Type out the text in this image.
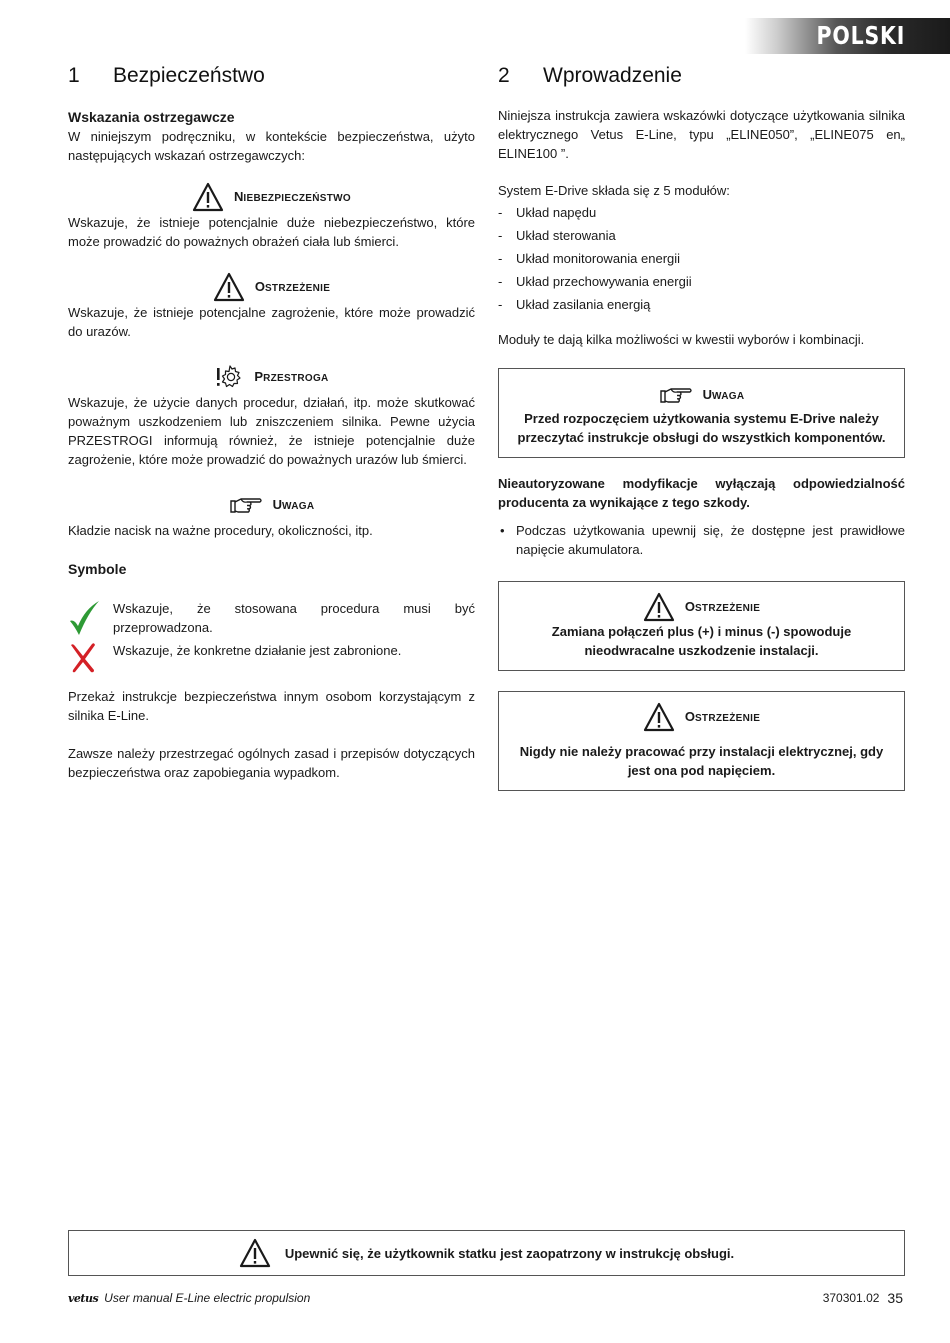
POLSKI
1	Bezpieczeństwo
Wskazania ostrzegawcze

W niniejszym podręczniku, w kontekście bezpieczeństwa, użyto następujących wskazań ostrzegawczych:

NIEBEZPIECZEŃSTWO

Wskazuje, że istnieje potencjalnie duże niebezpieczeństwo, które może prowadzić do poważnych obrażeń ciała lub śmierci.

OSTRZEŻENIE

Wskazuje, że istnieje potencjalne zagrożenie, które może prowadzić do urazów.

PRZESTROGA

Wskazuje, że użycie danych procedur, działań, itp. może skutkować poważnym uszkodzeniem lub zniszczeniem silnika. Pewne użycia PRZESTROGI informują również, że istnieje potencjalnie duże zagrożenie, które może prowadzić do poważnych urazów lub śmierci.

UWAGA

Kładzie nacisk na ważne procedury, okoliczności, itp.

Symbole
Wskazuje, że stosowana procedura musi być przeprowadzona.
Wskazuje, że konkretne działanie jest zabronione.

Przekaż instrukcje bezpieczeństwa innym osobom korzystającym z silnika E-Line.

Zawsze należy przestrzegać ogólnych zasad i przepisów dotyczących bezpieczeństwa oraz zapobiegania wypadkom.

2	Wprowadzenie

Niniejsza instrukcja zawiera wskazówki dotyczące użytkowania silnika elektrycznego Vetus E-Line, typu „ELINE050”, „ELINE075 en„ ELINE100 ”.

System E-Drive składa się z 5 modułów:

- Układ napędu
- Układ sterowania
- Układ monitorowania energii
- Układ przechowywania energii
- Układ zasilania energią

Moduły te dają kilka możliwości w kwestii wyborów i kombinacji.

UWAGA
Przed rozpoczęciem użytkowania systemu E-Drive należy przeczytać instrukcje obsługi do wszystkich komponentów.

Nieautoryzowane modyfikacje wyłączają odpowiedzialność producenta za wynikające z tego szkody.

• Podczas użytkowania upewnij się, że dostępne jest prawidłowe napięcie akumulatora.
OSTRZEŻENIE
Zamiana połączeń plus (+) i minus (-) spowoduje nieodwracalne uszkodzenie instalacji.
OSTRZEŻENIE
Nigdy nie należy pracować przy instalacji elektrycznej, gdy jest ona pod napięciem.
Upewnić się, że użytkownik statku jest zaopatrzony w instrukcję obsługi.
vetus User manual E-Line electric propulsion	370301.02 35
